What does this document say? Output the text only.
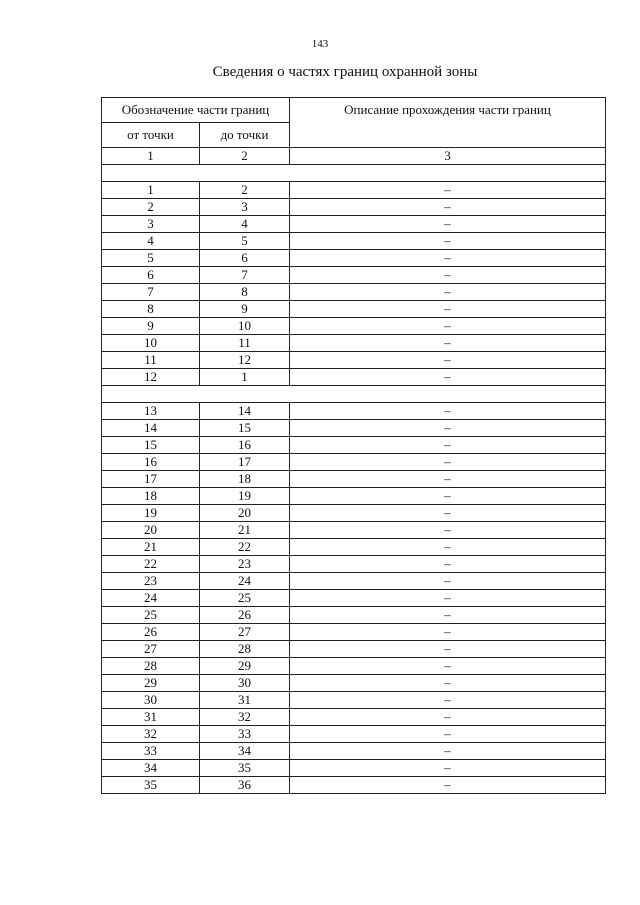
143
Сведения о частях границ охранной зоны
Обозначение части границ		Описание прохождения части границ
от точки	до точки	
1	2	3

1	2	–
2	3	–
3	4	–
4	5	–
5	6	–
6	7	–
7	8	–
8	9	–
9	10	–
10	11	–
11	12	–
12	1	–

13	14	–
14	15	–
15	16	–
16	17	–
17	18	–
18	19	–
19	20	–
20	21	–
21	22	–
22	23	–
23	24	–
24	25	–
25	26	–
26	27	–
27	28	–
28	29	–
29	30	–
30	31	–
31	32	–
32	33	–
33	34	–
34	35	–
35	36	–
